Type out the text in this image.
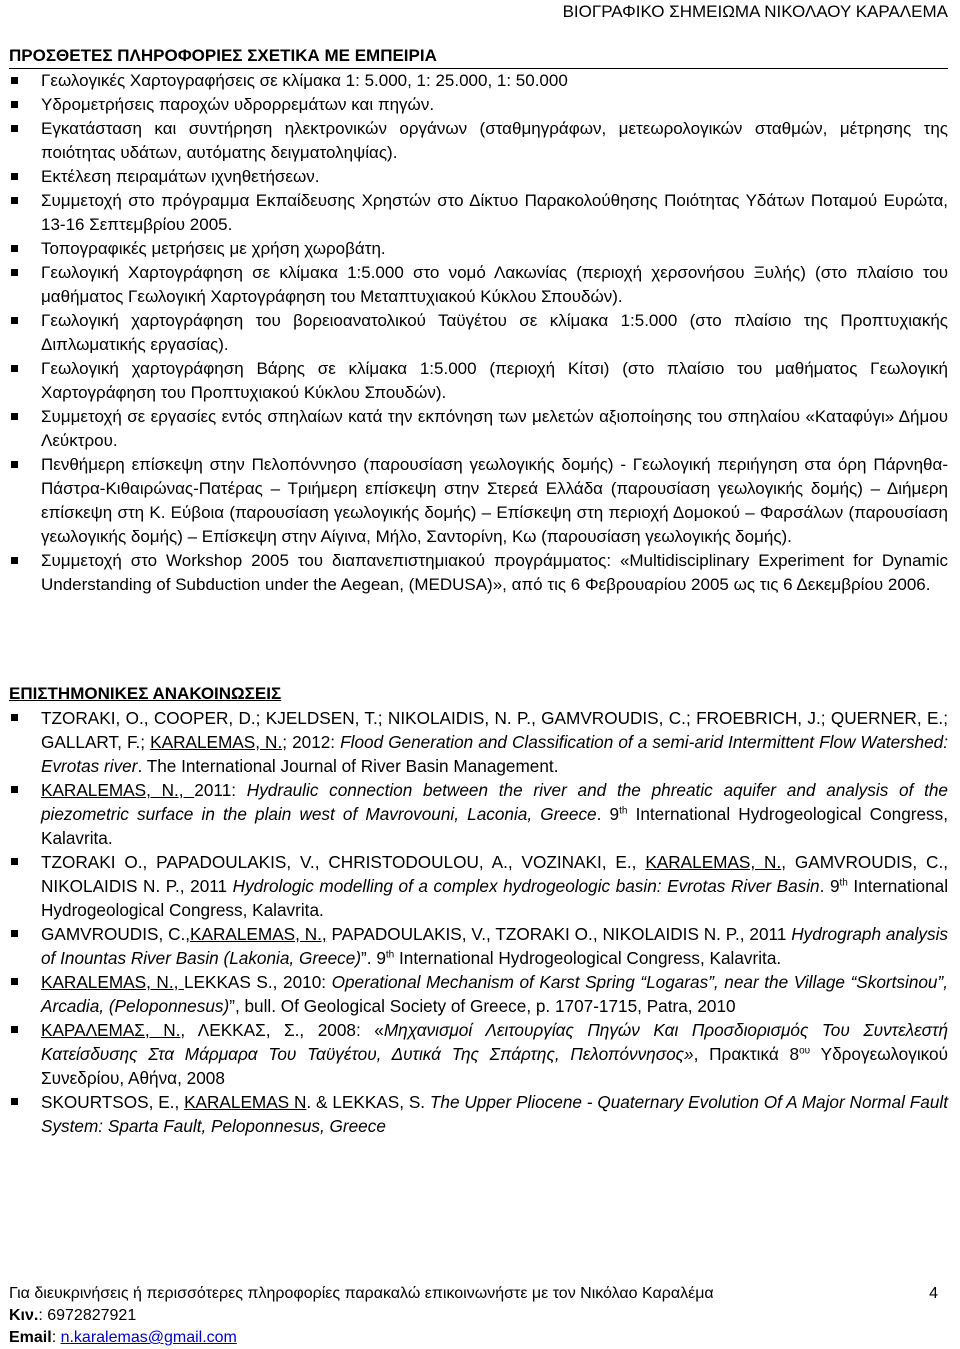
ΒΙΟΓΡΑΦΙΚΟ ΣΗΜΕΙΩΜΑ ΝΙΚΟΛΑΟΥ ΚΑΡΑΛΕΜΑ
ΠΡΟΣΘΕΤΕΣ ΠΛΗΡΟΦΟΡΙΕΣ ΣΧΕΤΙΚΑ ΜΕ ΕΜΠΕΙΡΙΑ
Γεωλογικές Χαρτογραφήσεις σε κλίμακα 1: 5.000, 1: 25.000, 1: 50.000
Υδρομετρήσεις παροχών υδρορρεμάτων και πηγών.
Εγκατάσταση και συντήρηση ηλεκτρονικών οργάνων (σταθμηγράφων, μετεωρολογικών σταθμών, μέτρησης της ποιότητας υδάτων, αυτόματης δειγματοληψίας).
Εκτέλεση πειραμάτων ιχνηθετήσεων.
Συμμετοχή στο πρόγραμμα Εκπαίδευσης Χρηστών στο Δίκτυο Παρακολούθησης Ποιότητας Υδάτων Ποταμού Ευρώτα, 13-16 Σεπτεμβρίου 2005.
Τοπογραφικές μετρήσεις με χρήση χωροβάτη.
Γεωλογική Χαρτογράφηση σε κλίμακα 1:5.000 στο νομό Λακωνίας (περιοχή χερσονήσου Ξυλής) (στο πλαίσιο του μαθήματος Γεωλογική Χαρτογράφηση του Μεταπτυχιακού Κύκλου Σπουδών).
Γεωλογική χαρτογράφηση του βορειοανατολικού Ταϋγέτου σε κλίμακα 1:5.000 (στο πλαίσιο της Προπτυχιακής Διπλωματικής εργασίας).
Γεωλογική χαρτογράφηση Βάρης σε κλίμακα 1:5.000 (περιοχή Κίτσι) (στο πλαίσιο του μαθήματος Γεωλογική Χαρτογράφηση του Προπτυχιακού Κύκλου Σπουδών).
Συμμετοχή σε εργασίες εντός σπηλαίων κατά την εκπόνηση των μελετών αξιοποίησης του σπηλαίου «Καταφύγι» Δήμου Λεύκτρου.
Πενθήμερη επίσκεψη στην Πελοπόννησο (παρουσίαση γεωλογικής δομής) - Γεωλογική περιήγηση στα όρη Πάρνηθα-Πάστρα-Κιθαιρώνας-Πατέρας – Τριήμερη επίσκεψη στην Στερεά Ελλάδα (παρουσίαση γεωλογικής δομής) – Διήμερη επίσκεψη στη Κ. Εύβοια (παρουσίαση γεωλογικής δομής) – Επίσκεψη στη περιοχή Δομοκού – Φαρσάλων (παρουσίαση γεωλογικής δομής) – Επίσκεψη στην Αίγινα, Μήλο, Σαντορίνη, Κω (παρουσίαση γεωλογικής δομής).
Συμμετοχή στο Workshop 2005 του διαπανεπιστημιακού προγράμματος: «Multidisciplinary Experiment for Dynamic Understanding of Subduction under the Aegean, (MEDUSA)», από τις 6 Φεβρουαρίου 2005 ως τις 6 Δεκεμβρίου 2006.
ΕΠΙΣΤΗΜΟΝΙΚΕΣ ΑΝΑΚΟΙΝΩΣΕΙΣ
TZORAKI, O., COOPER, D.; KJELDSEN, T.; NIKOLAIDIS, N. P., GAMVROUDIS, C.; FROEBRICH, J.; QUERNER, E.; GALLART, F.; KARALEMAS, N.; 2012: Flood Generation and Classification of a semi-arid Intermittent Flow Watershed: Evrotas river. The International Journal of River Basin Management.
KARALEMAS, N., 2011: Hydraulic connection between the river and the phreatic aquifer and analysis of the piezometric surface in the plain west of Mavrovouni, Laconia, Greece. 9th International Hydrogeological Congress, Kalavrita.
TZORAKI O., PAPADOULAKIS, V., CHRISTODOULOU, A., VOZINAKI, E., KARALEMAS, N., GAMVROUDIS, C., NIKOLAIDIS N. P., 2011 Hydrologic modelling of a complex hydrogeologic basin: Evrotas River Basin. 9th International Hydrogeological Congress, Kalavrita.
GAMVROUDIS, C.,KARALEMAS, N., PAPADOULAKIS, V., TZORAKI O., NIKOLAIDIS N. P., 2011 Hydrograph analysis of Inountas River Basin (Lakonia, Greece)”. 9th International Hydrogeological Congress, Kalavrita.
KARALEMAS, N., LEKKAS S., 2010: Operational Mechanism of Karst Spring “Logaras”, near the Village “Skortsinou”, Arcadia, (Peloponnesus)”, bull. Of Geological Society of Greece, p. 1707-1715, Patra, 2010
ΚΑΡΑΛΕΜΑΣ, Ν., ΛΕΚΚΑΣ, Σ., 2008: «Μηχανισμοί Λειτουργίας Πηγών Και Προσδιορισμός Του Συντελεστή Κατείσδυσης Στα Μάρμαρα Του Ταϋγέτου, Δυτικά Της Σπάρτης, Πελοπόννησος», Πρακτικά $8^{o\upsilon}$ Υδρογεωλογικού Συνεδρίου, Αθήνα, 2008
SKOURTSOS, E., KARALEMAS N. & LEKKAS, S. The Upper Pliocene - Quaternary Evolution Of A Major Normal Fault System: Sparta Fault, Peloponnesus, Greece
Για διευκρινήσεις ή περισσότερες πληροφορίες παρακαλώ επικοινωνήστε με τον Νικόλαο Καραλέμα	4
Κιν.: 6972827921
Email: n.karalemas@gmail.com
